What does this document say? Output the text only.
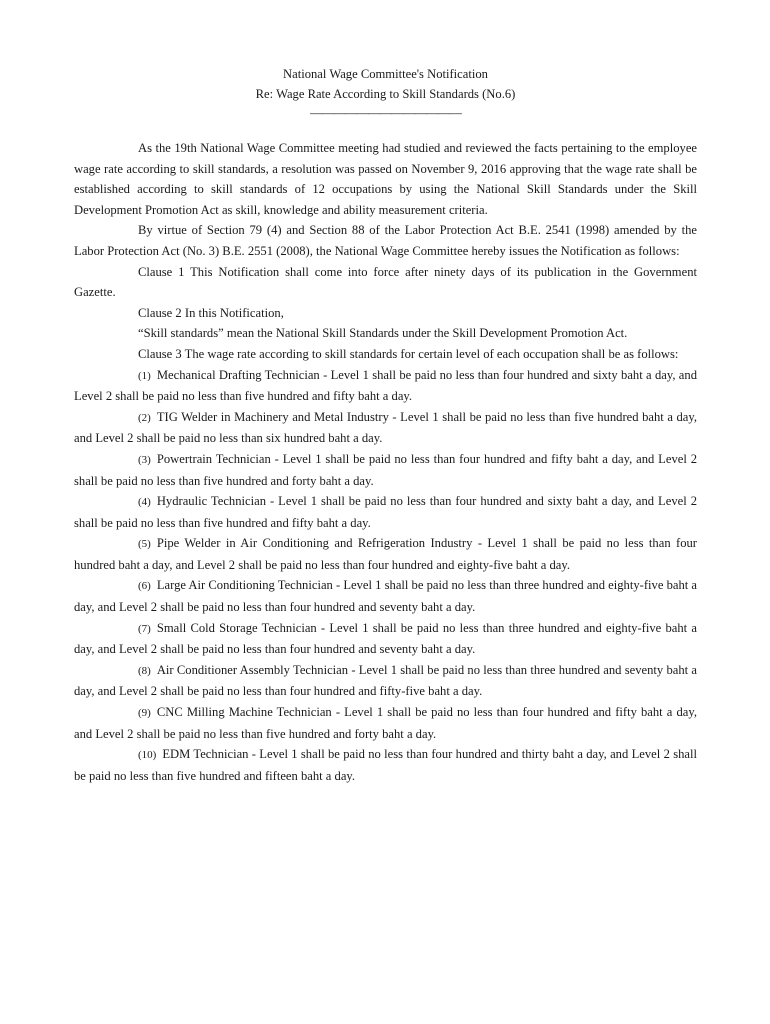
National Wage Committee's Notification
Re: Wage Rate According to Skill Standards (No.6)
—————————————

As the 19th National Wage Committee meeting had studied and reviewed the facts pertaining to the employee wage rate according to skill standards, a resolution was passed on November 9, 2016 approving that the wage rate shall be established according to skill standards of 12 occupations by using the National Skill Standards under the Skill Development Promotion Act as skill, knowledge and ability measurement criteria.

By virtue of Section 79 (4) and Section 88 of the Labor Protection Act B.E. 2541 (1998) amended by the Labor Protection Act (No. 3) B.E. 2551 (2008), the National Wage Committee hereby issues the Notification as follows:

Clause 1 This Notification shall come into force after ninety days of its publication in the Government Gazette.

Clause 2 In this Notification,

“Skill standards” mean the National Skill Standards under the Skill Development Promotion Act.

Clause 3 The wage rate according to skill standards for certain level of each occupation shall be as follows:

(1) Mechanical Drafting Technician - Level 1 shall be paid no less than four hundred and sixty baht a day, and Level 2 shall be paid no less than five hundred and fifty baht a day.

(2) TIG Welder in Machinery and Metal Industry - Level 1 shall be paid no less than five hundred baht a day, and Level 2 shall be paid no less than six hundred baht a day.

(3) Powertrain Technician - Level 1 shall be paid no less than four hundred and fifty baht a day, and Level 2 shall be paid no less than five hundred and forty baht a day.

(4) Hydraulic Technician - Level 1 shall be paid no less than four hundred and sixty baht a day, and Level 2 shall be paid no less than five hundred and fifty baht a day.

(5) Pipe Welder in Air Conditioning and Refrigeration Industry - Level 1 shall be paid no less than four hundred baht a day, and Level 2 shall be paid no less than four hundred and eighty-five baht a day.

(6) Large Air Conditioning Technician - Level 1 shall be paid no less than three hundred and eighty-five baht a day, and Level 2 shall be paid no less than four hundred and seventy baht a day.

(7) Small Cold Storage Technician - Level 1 shall be paid no less than three hundred and eighty-five baht a day, and Level 2 shall be paid no less than four hundred and seventy baht a day.

(8) Air Conditioner Assembly Technician - Level 1 shall be paid no less than three hundred and seventy baht a day, and Level 2 shall be paid no less than four hundred and fifty-five baht a day.

(9) CNC Milling Machine Technician - Level 1 shall be paid no less than four hundred and fifty baht a day, and Level 2 shall be paid no less than five hundred and forty baht a day.

(10) EDM Technician - Level 1 shall be paid no less than four hundred and thirty baht a day, and Level 2 shall be paid no less than five hundred and fifteen baht a day.
